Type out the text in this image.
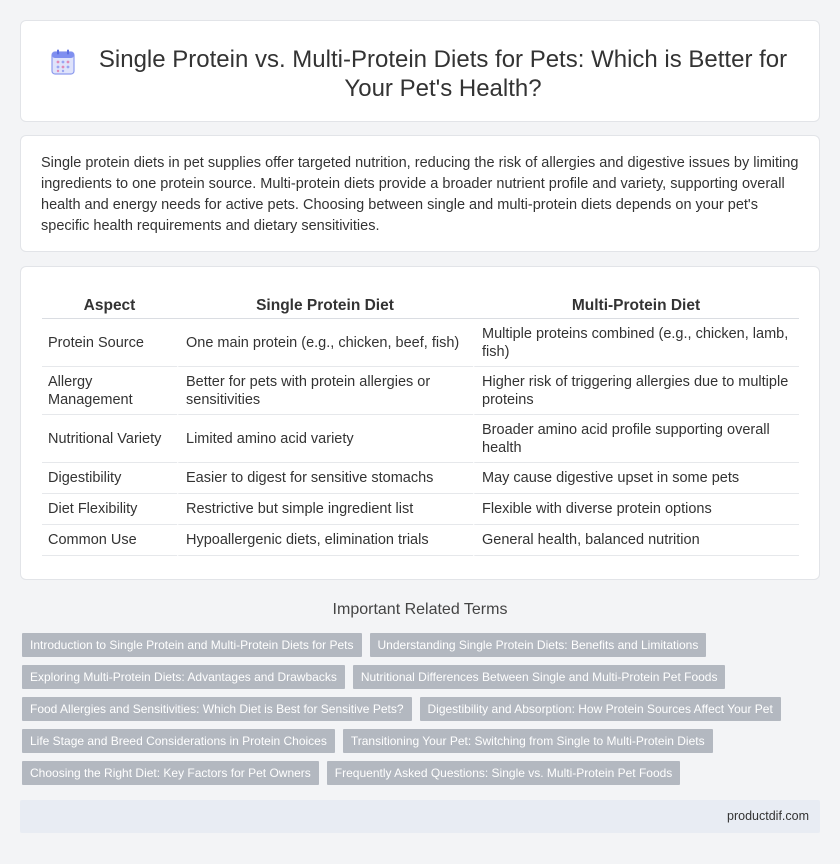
Single Protein vs. Multi-Protein Diets for Pets: Which is Better for Your Pet's Health?

Single protein diets in pet supplies offer targeted nutrition, reducing the risk of allergies and digestive issues by limiting ingredients to one protein source. Multi-protein diets provide a broader nutrient profile and variety, supporting overall health and energy needs for active pets. Choosing between single and multi-protein diets depends on your pet's specific health requirements and dietary sensitivities.

Aspect	Single Protein Diet	Multi-Protein Diet
Protein Source	One main protein (e.g., chicken, beef, fish)	Multiple proteins combined (e.g., chicken, lamb, fish)
Allergy Management	Better for pets with protein allergies or sensitivities	Higher risk of triggering allergies due to multiple proteins
Nutritional Variety	Limited amino acid variety	Broader amino acid profile supporting overall health
Digestibility	Easier to digest for sensitive stomachs	May cause digestive upset in some pets
Diet Flexibility	Restrictive but simple ingredient list	Flexible with diverse protein options
Common Use	Hypoallergenic diets, elimination trials	General health, balanced nutrition
Important Related Terms
Introduction to Single Protein and Multi-Protein Diets for Pets	Understanding Single Protein Diets: Benefits and Limitations
Exploring Multi-Protein Diets: Advantages and Drawbacks	Nutritional Differences Between Single and Multi-Protein Pet Foods
Food Allergies and Sensitivities: Which Diet is Best for Sensitive Pets?	Digestibility and Absorption: How Protein Sources Affect Your Pet
Life Stage and Breed Considerations in Protein Choices	Transitioning Your Pet: Switching from Single to Multi-Protein Diets
Choosing the Right Diet: Key Factors for Pet Owners	Frequently Asked Questions: Single vs. Multi-Protein Pet Foods
productdif.com
